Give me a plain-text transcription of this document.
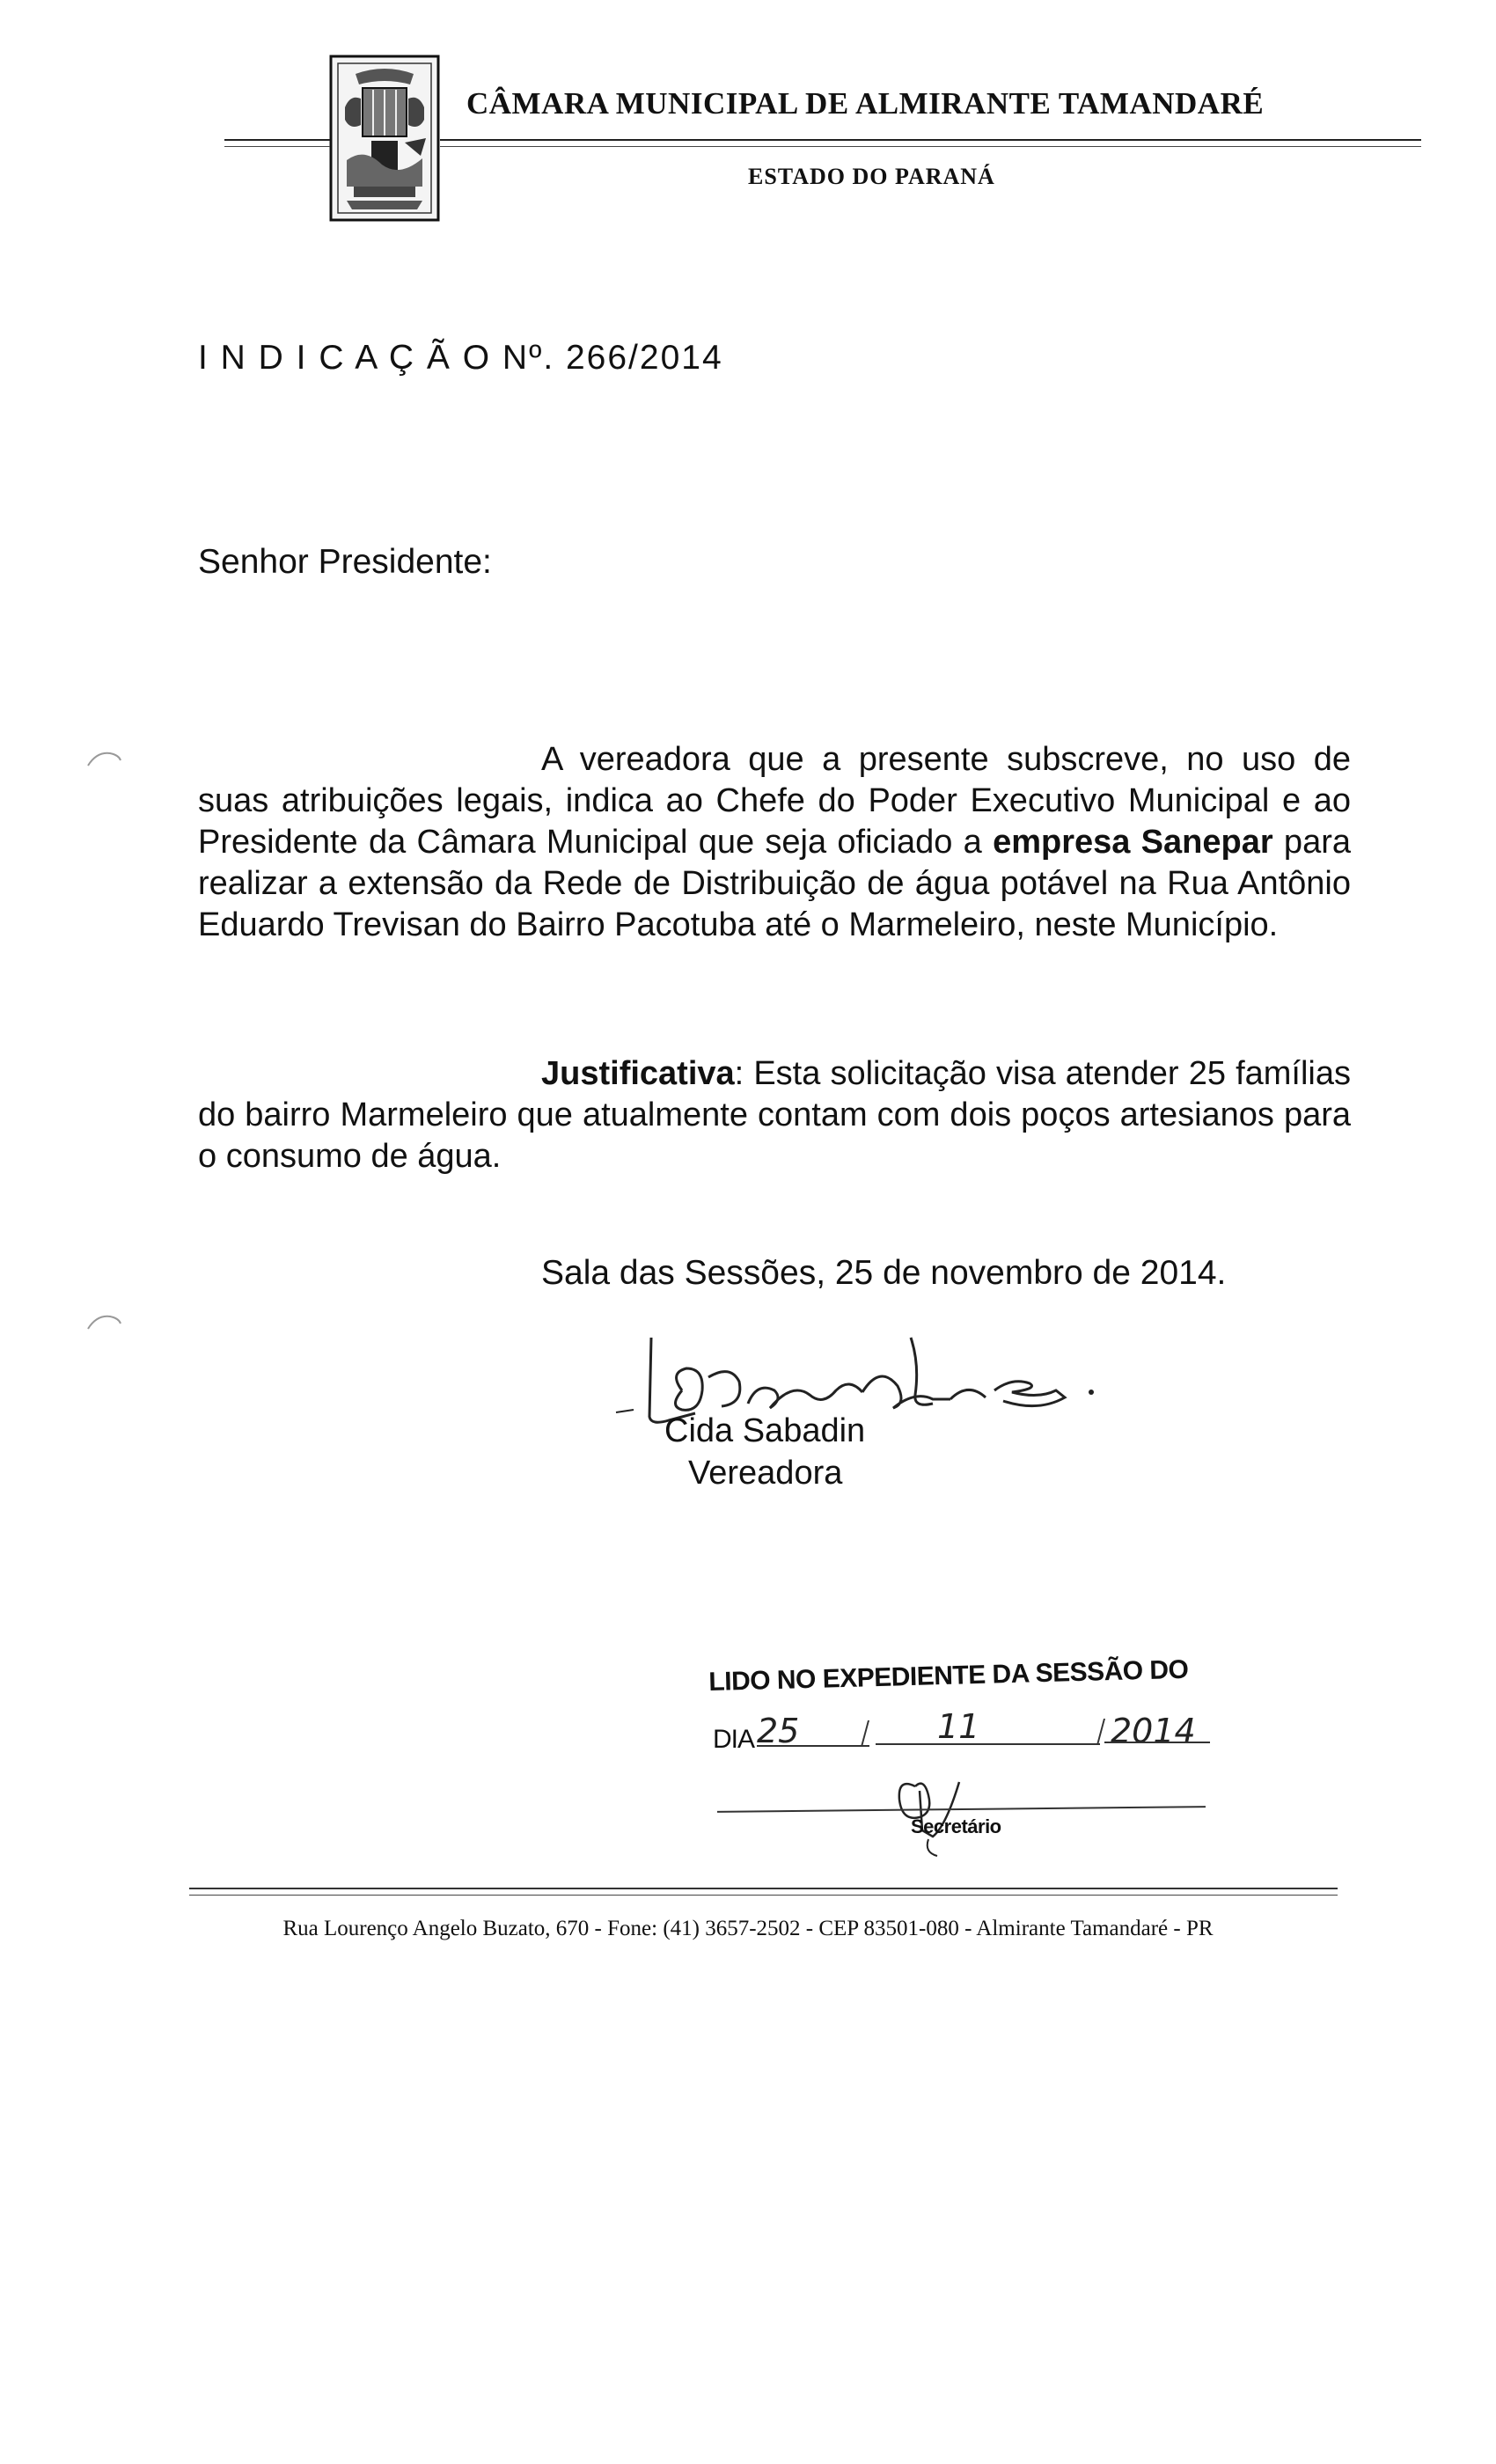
CÂMARA MUNICIPAL DE ALMIRANTE TAMANDARÉ
ESTADO DO PARANÁ
I N D I C A Ç Ã O Nº. 266/2014
Senhor Presidente:
A vereadora que a presente subscreve, no uso de suas atribuições legais, indica ao Chefe do Poder Executivo Municipal e ao Presidente da Câmara Municipal que seja oficiado a empresa Sanepar para realizar a extensão da Rede de Distribuição de água potável na Rua Antônio Eduardo Trevisan do Bairro Pacotuba até o Marmeleiro, neste Município.
Justificativa: Esta solicitação visa atender 25 famílias do bairro Marmeleiro que atualmente contam com dois poços artesianos para o consumo de água.
Sala das Sessões, 25 de novembro de 2014.
Cida Sabadin
Vereadora
LIDO NO EXPEDIENTE DA SESSÃO DO
DIA 25	11	2014
Secretário
Rua Lourenço Angelo Buzato, 670 - Fone: (41) 3657-2502 - CEP 83501-080 - Almirante Tamandaré - PR
